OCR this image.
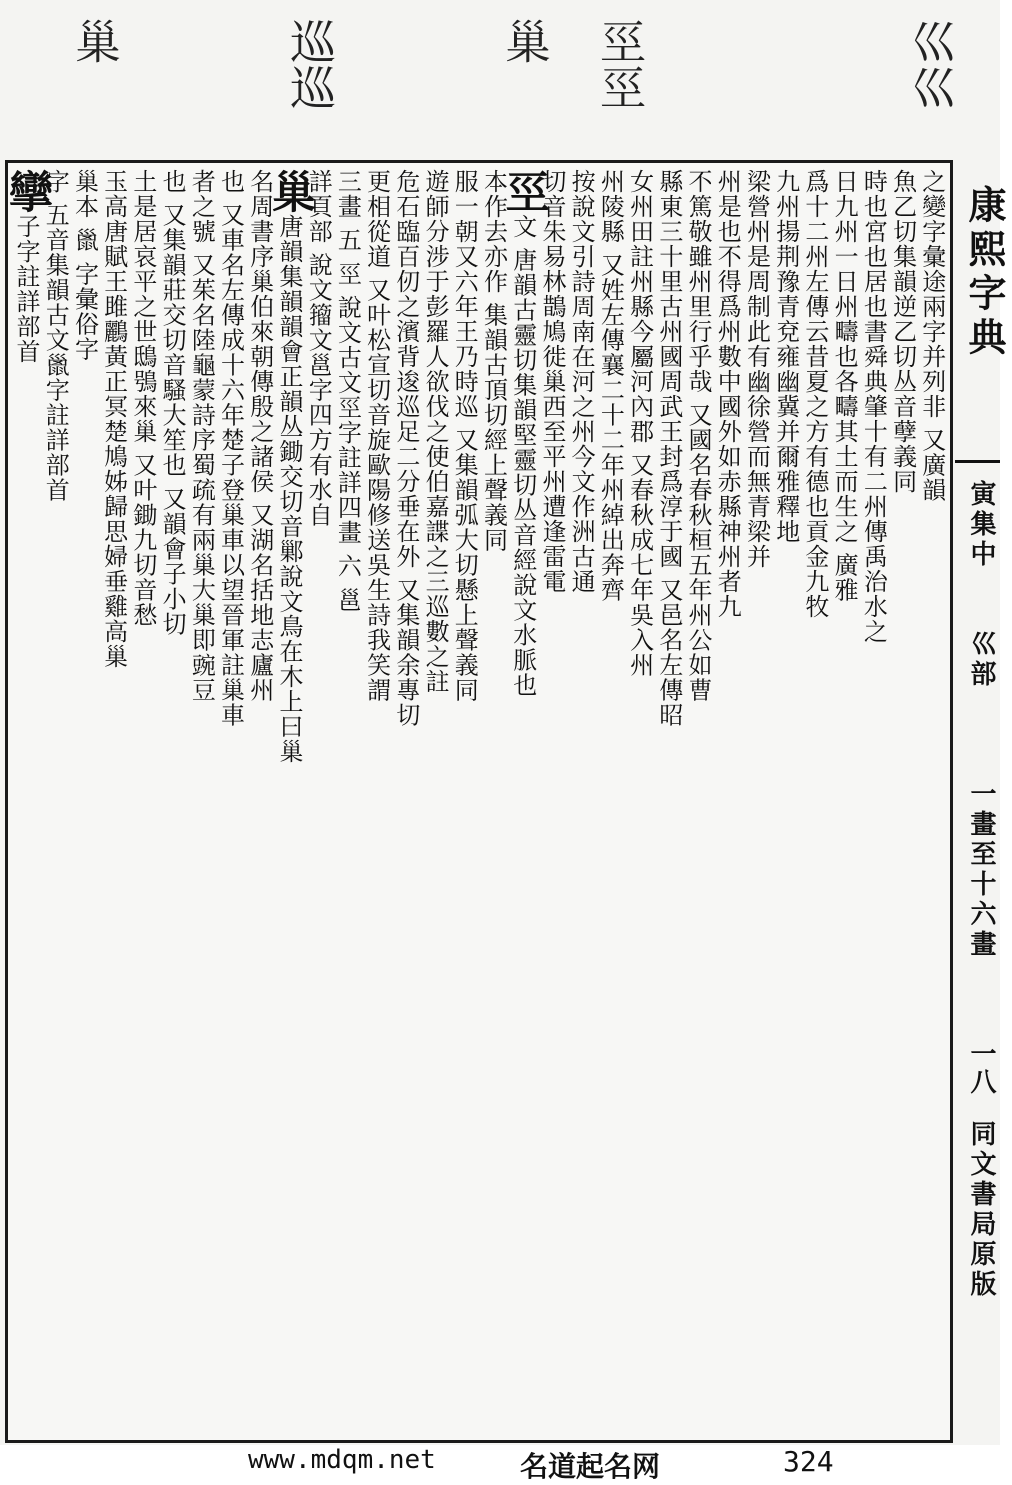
巛巛
巠巠
巢
巡巡
巢
之變字彙途兩字并列非 又廣韻
魚乙切集韻逆乙切丛音孽義同
時也宮也居也書舜典肇十有二州傳禹治水之
日九州一日州疇也各疇其土而生之 廣雅
爲十二州左傳云昔夏之方有德也貢金九牧
九州揚荆豫青兗雍幽冀并爾雅釋地
梁營州是周制此有幽徐營而無青梁并
州是也不得爲州數中國外如赤縣神州者九
不篤敬雖州里行乎哉 又國名春秋桓五年州公如曹
縣東三十里古州國周武王封爲淳于國 又邑名左傳昭
女州田註州縣今屬河內郡 又春秋成七年吳入州
州陵縣 又姓左傳襄二十二年州綽出奔齊
按說文引詩周南在河之州今文作洲古通
切音朱易林鵲鳩徙巢西至平州遭逢雷電
巠文 唐韻古靈切集韻堅靈切丛音經說文水脈也
本作去亦作 集韻古頂切經上聲義同
服一朝又六年王乃時巡 又集韻弧大切懸上聲義同
遊師分涉于彭羅人欲伐之使伯嘉諜之三巡數之註
危石臨百仞之濱背逡巡足二分垂在外 又集韻余專切
更相從道 又叶松宣切音旋歐陽修送吳生詩我笑謂
三畫 五 巠 說文古文巠字註詳四畫 六 邕
詳頁部 說文籀文邕字四方有水自
巢唐韻集韻韻會正韻丛鋤交切音鄛說文鳥在木上曰巢
名周書序巢伯來朝傳殷之諸侯 又湖名括地志廬州
也 又車名左傳成十六年楚子登巢車以望晉軍註巢車
者之號 又茱名陸龜蒙詩序蜀疏有兩巢大巢即豌豆
也 又集韻莊交切音騷大笙也 又韻會子小切
土是居哀平之世鴟鴞來巢 又叶鋤九切音愁
玉高唐賦王雎鸝黃正冥楚鳩姊歸思婦垂雞高巢
巢本 巤 字彙俗字
字 五音集韻古文巤字註詳部首
攣子字註詳部首	康熙字典
寅集中
巛部
一畫至十六畫
一八
同文書局原版
www.mdqm.net	名道起名网	324
